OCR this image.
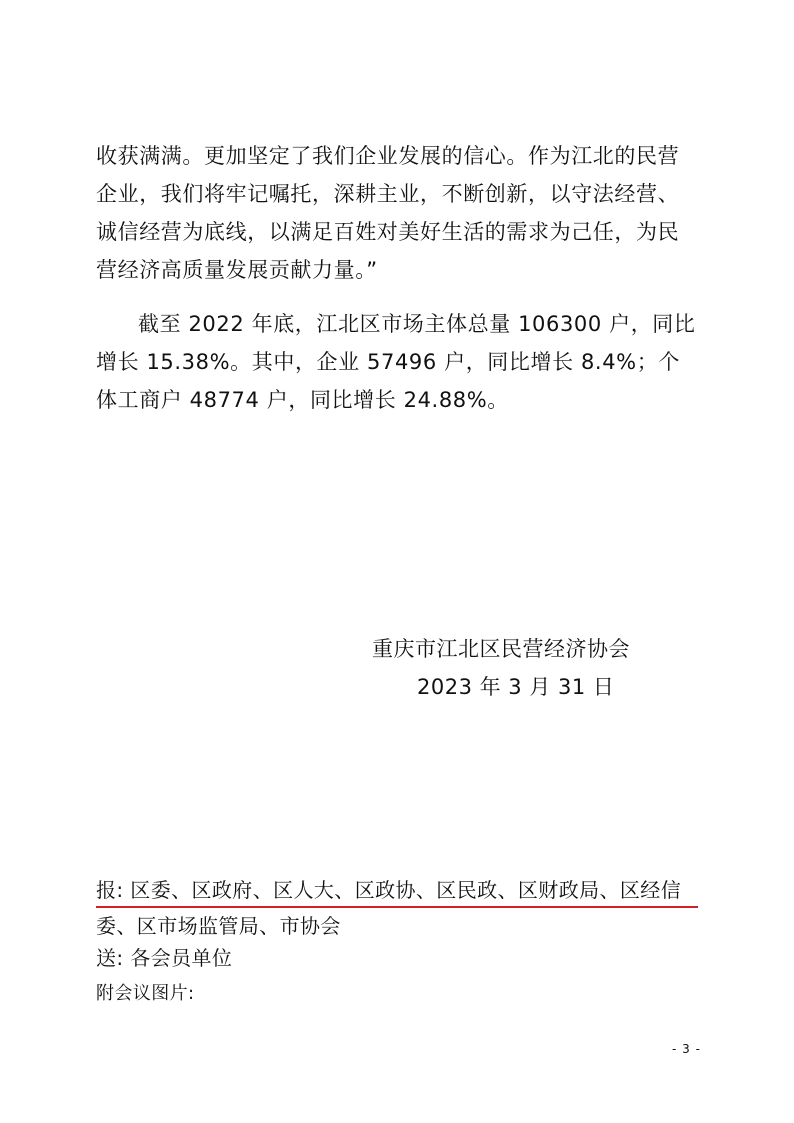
收获满满。更加坚定了我们企业发展的信心。作为江北的民营企业，我们将牢记嘱托，深耕主业，不断创新，以守法经营、诚信经营为底线，以满足百姓对美好生活的需求为己任，为民营经济高质量发展贡献力量。”

截至 2022 年底，江北区市场主体总量 106300 户，同比增长 15.38%。其中，企业 57496 户，同比增长 8.4%；个体工商户 48774 户，同比增长 24.88%。

重庆市江北区民营经济协会
2023 年 3 月 31 日
报: 区委、区政府、区人大、区政协、区民政、区财政局、区经信委、区市场监管局、市协会
送: 各会员单位
附会议图片:
- 3 -
